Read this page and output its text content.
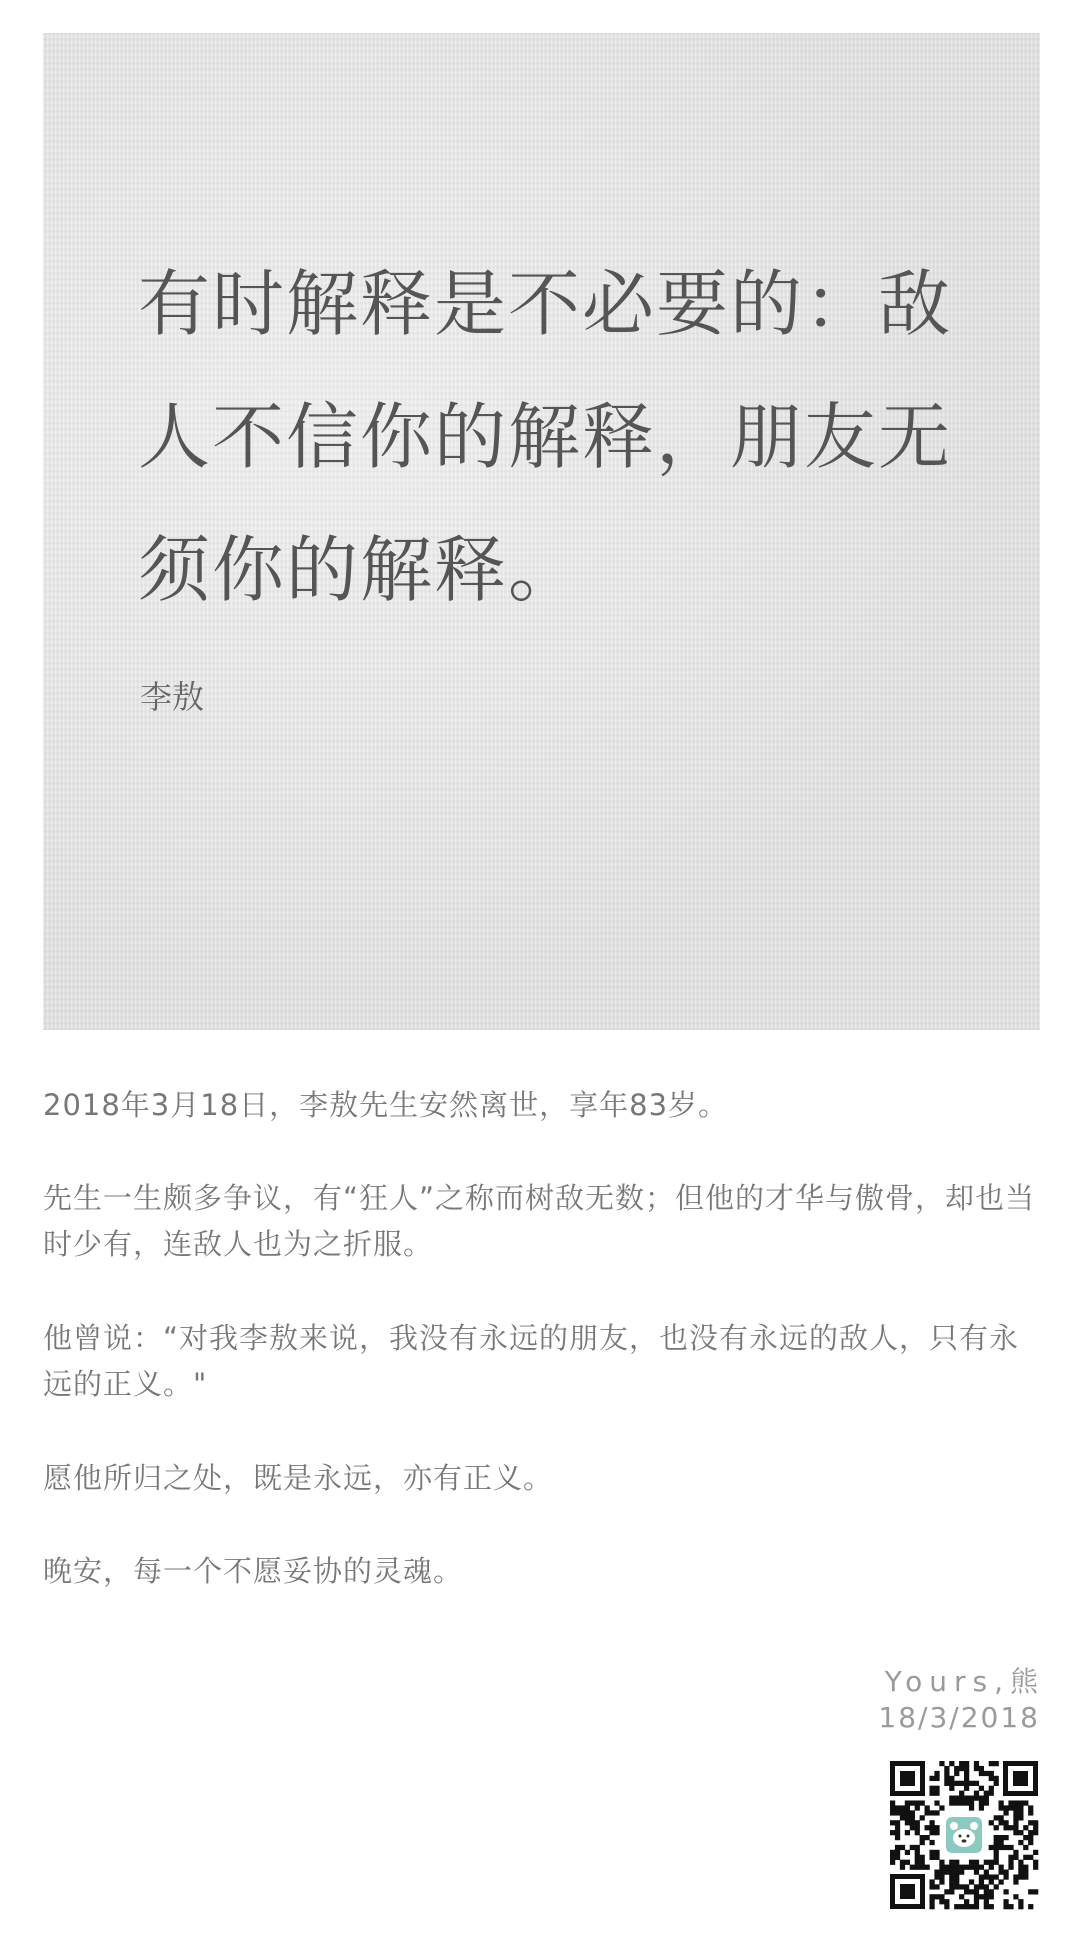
有时解释是不必要的：敌人不信你的解释，朋友无须你的解释。

李敖

2018年3月18日，李敖先生安然离世，享年83岁。

先生一生颇多争议，有“狂人”之称而树敌无数；但他的才华与傲骨，却也当时少有，连敌人也为之折服。

他曾说：“对我李敖来说，我没有永远的朋友，也没有永远的敌人，只有永远的正义。"

愿他所归之处，既是永远，亦有正义。

晚安，每一个不愿妥协的灵魂。

Yours,熊
18/3/2018
